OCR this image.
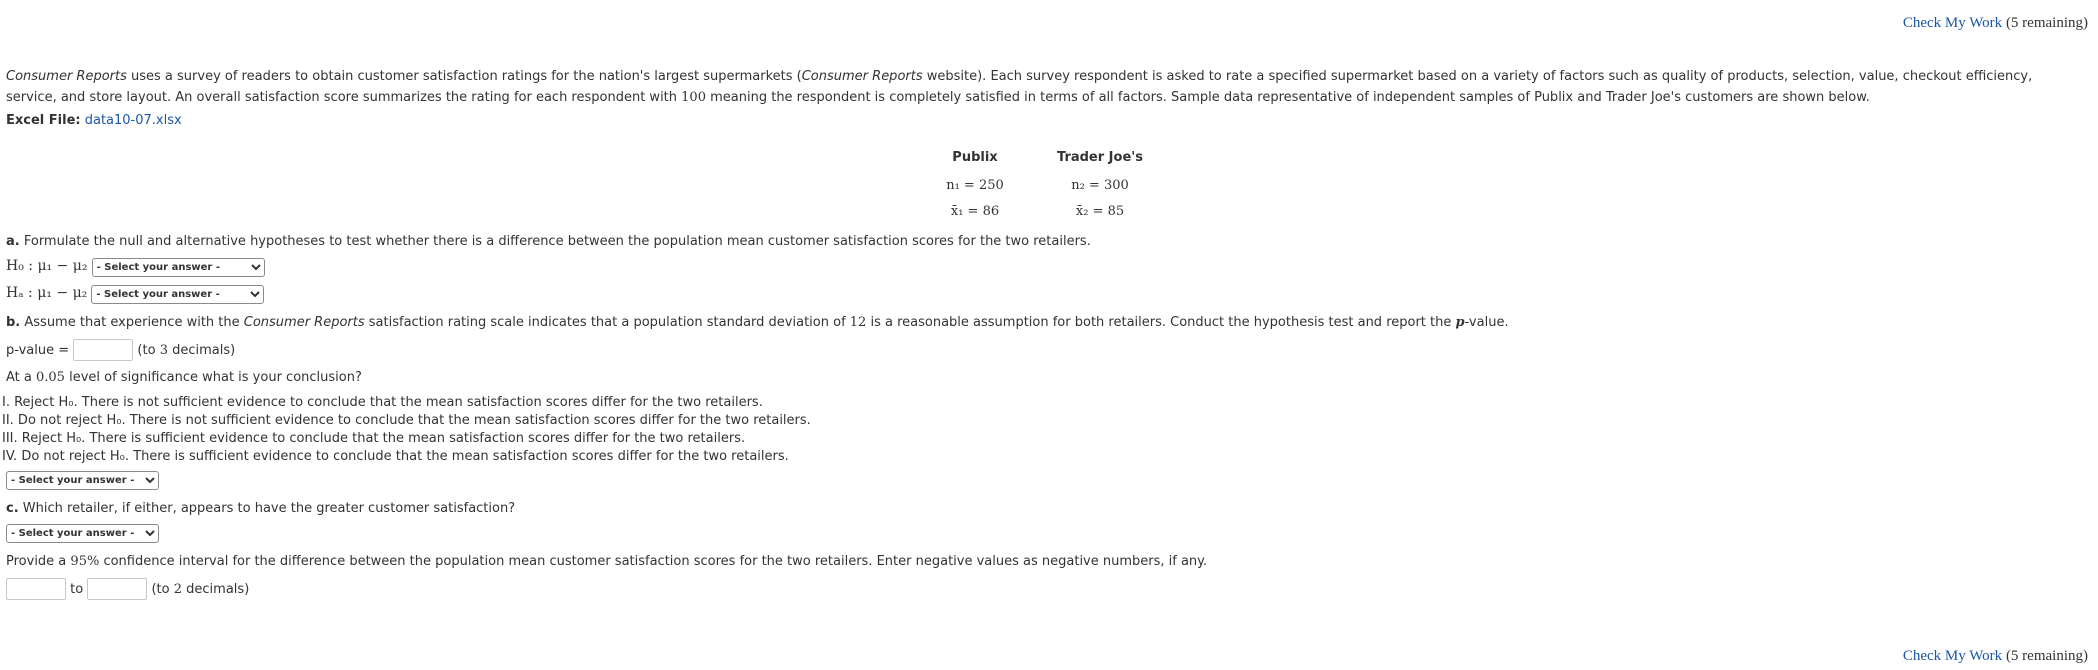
Check My Work (5 remaining)
Consumer Reports uses a survey of readers to obtain customer satisfaction ratings for the nation's largest supermarkets (Consumer Reports website). Each survey respondent is asked to rate a specified supermarket based on a variety of factors such as quality of products, selection, value, checkout efficiency, service, and store layout. An overall satisfaction score summarizes the rating for each respondent with 100 meaning the respondent is completely satisfied in terms of all factors. Sample data representative of independent samples of Publix and Trader Joe's customers are shown below.
Excel File: data10-07.xlsx
Publix	Trader Joe's
n₁ = 250	n₂ = 300
x̄₁ = 86	x̄₂ = 85
a. Formulate the null and alternative hypotheses to test whether there is a difference between the population mean customer satisfaction scores for the two retailers.
H₀ : μ₁ − μ₂
- Select your answer -
Hₐ : μ₁ − μ₂
- Select your answer -
b. Assume that experience with the Consumer Reports satisfaction rating scale indicates that a population standard deviation of 12 is a reasonable assumption for both retailers. Conduct the hypothesis test and report the p-value.
p-value =	(to 3 decimals)
At a 0.05 level of significance what is your conclusion?
I. Reject H₀. There is not sufficient evidence to conclude that the mean satisfaction scores differ for the two retailers.
II. Do not reject H₀. There is not sufficient evidence to conclude that the mean satisfaction scores differ for the two retailers.
III. Reject H₀. There is sufficient evidence to conclude that the mean satisfaction scores differ for the two retailers.
IV. Do not reject H₀. There is sufficient evidence to conclude that the mean satisfaction scores differ for the two retailers.
- Select your answer -
c. Which retailer, if either, appears to have the greater customer satisfaction?
- Select your answer -
Provide a 95% confidence interval for the difference between the population mean customer satisfaction scores for the two retailers. Enter negative values as negative numbers, if any.
to	(to 2 decimals)
Check My Work (5 remaining)
